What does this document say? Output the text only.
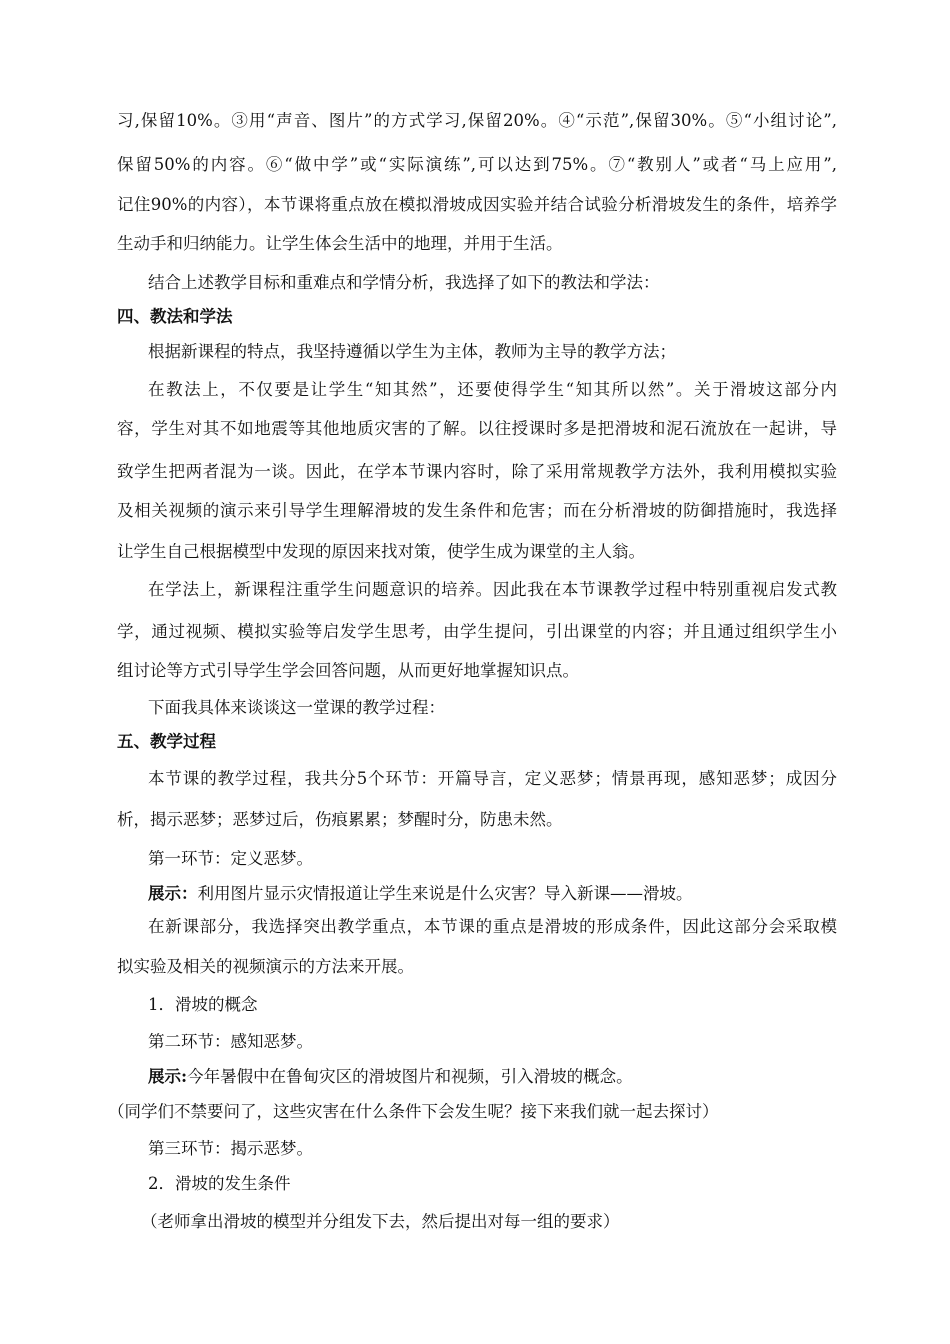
习,保留10%。③用“声音、图片”的方式学习,保留20%。④“示范”,保留30%。⑤“小组讨论”,
保留50%的内容。⑥“做中学”或“实际演练”,可以达到75%。⑦“教别人”或者“马上应用”,
记住90%的内容），本节课将重点放在模拟滑坡成因实验并结合试验分析滑坡发生的条件，培养学
生动手和归纳能力。让学生体会生活中的地理，并用于生活。
结合上述教学目标和重难点和学情分析，我选择了如下的教法和学法：
四、教法和学法
根据新课程的特点，我坚持遵循以学生为主体，教师为主导的教学方法；
在教法上，不仅要是让学生“知其然”，还要使得学生“知其所以然”。关于滑坡这部分内
容，学生对其不如地震等其他地质灾害的了解。以往授课时多是把滑坡和泥石流放在一起讲，导
致学生把两者混为一谈。因此，在学本节课内容时，除了采用常规教学方法外，我利用模拟实验
及相关视频的演示来引导学生理解滑坡的发生条件和危害；而在分析滑坡的防御措施时，我选择
让学生自己根据模型中发现的原因来找对策，使学生成为课堂的主人翁。
在学法上，新课程注重学生问题意识的培养。因此我在本节课教学过程中特别重视启发式教
学，通过视频、模拟实验等启发学生思考，由学生提问，引出课堂的内容；并且通过组织学生小
组讨论等方式引导学生学会回答问题，从而更好地掌握知识点。
下面我具体来谈谈这一堂课的教学过程：
五、教学过程
本节课的教学过程，我共分5个环节：开篇导言，定义恶梦；情景再现，感知恶梦；成因分
析，揭示恶梦；恶梦过后，伤痕累累；梦醒时分，防患未然。
第一环节：定义恶梦。
展示：利用图片显示灾情报道让学生来说是什么灾害？导入新课——滑坡。
在新课部分，我选择突出教学重点，本节课的重点是滑坡的形成条件，因此这部分会采取模
拟实验及相关的视频演示的方法来开展。
1．滑坡的概念
第二环节：感知恶梦。
展示:今年暑假中在鲁甸灾区的滑坡图片和视频，引入滑坡的概念。
（同学们不禁要问了，这些灾害在什么条件下会发生呢？接下来我们就一起去探讨）
第三环节：揭示恶梦。
2．滑坡的发生条件
（老师拿出滑坡的模型并分组发下去，然后提出对每一组的要求）
